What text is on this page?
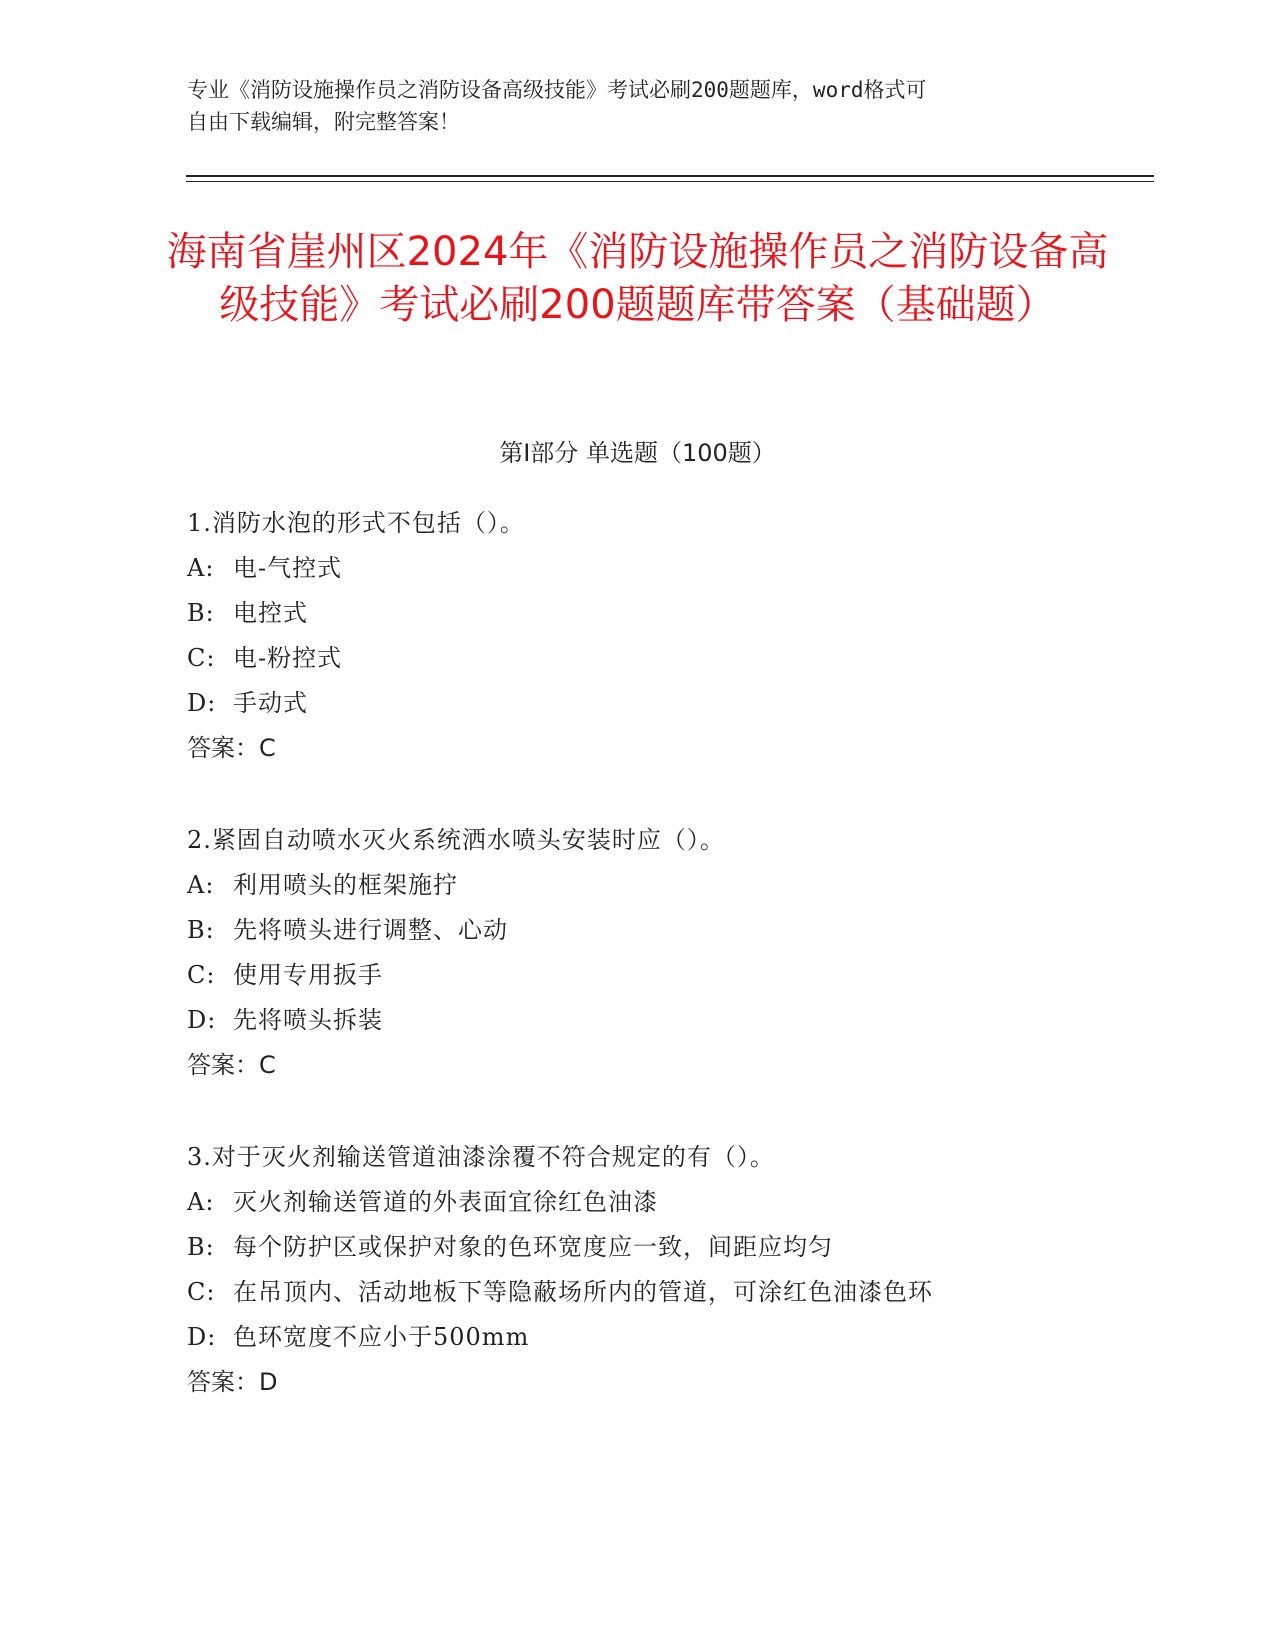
专业《消防设施操作员之消防设备高级技能》考试必刷200题题库，word格式可
自由下载编辑，附完整答案！
海南省崖州区2024年《消防设施操作员之消防设备高级技能》考试必刷200题题库带答案（基础题）
第I部分 单选题（100题）
1.消防水泡的形式不包括（）。
A: 电-气控式
B: 电控式
C: 电-粉控式
D: 手动式
答案：C
2.紧固自动喷水灭火系统洒水喷头安装时应（）。
A: 利用喷头的框架施拧
B: 先将喷头进行调整、心动
C: 使用专用扳手
D: 先将喷头拆装
答案：C
3.对于灭火剂输送管道油漆涂覆不符合规定的有（）。
A: 灭火剂输送管道的外表面宜徐红色油漆
B: 每个防护区或保护对象的色环宽度应一致，间距应均匀
C: 在吊顶内、活动地板下等隐蔽场所内的管道，可涂红色油漆色环
D: 色环宽度不应小于500mm
答案：D
